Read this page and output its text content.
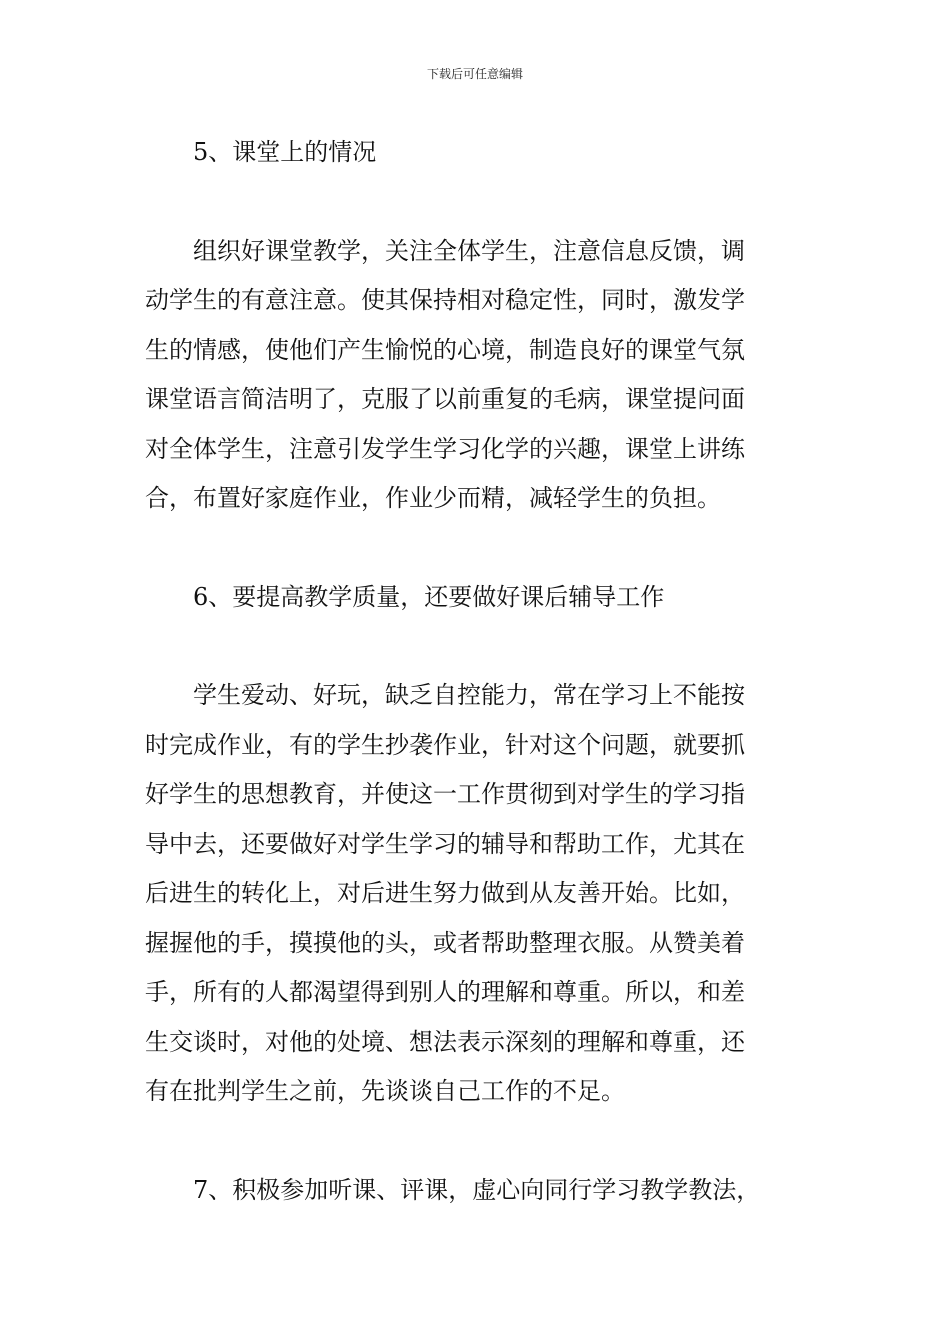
下载后可任意编辑

5、课堂上的情况

组织好课堂教学，关注全体学生，注意信息反馈，调
动学生的有意注意。使其保持相对稳定性，同时，激发学
生的情感，使他们产生愉悦的心境，制造良好的课堂气氛
课堂语言简洁明了，克服了以前重复的毛病，课堂提问面
对全体学生，注意引发学生学习化学的兴趣，课堂上讲练
合，布置好家庭作业，作业少而精，减轻学生的负担。

6、要提高教学质量，还要做好课后辅导工作

学生爱动、好玩，缺乏自控能力，常在学习上不能按
时完成作业，有的学生抄袭作业，针对这个问题，就要抓
好学生的思想教育，并使这一工作贯彻到对学生的学习指
导中去，还要做好对学生学习的辅导和帮助工作，尤其在
后进生的转化上，对后进生努力做到从友善开始。比如，
握握他的手，摸摸他的头，或者帮助整理衣服。从赞美着
手，所有的人都渴望得到别人的理解和尊重。所以，和差
生交谈时，对他的处境、想法表示深刻的理解和尊重，还
有在批判学生之前，先谈谈自己工作的不足。

7、积极参加听课、评课，虚心向同行学习教学教法，
